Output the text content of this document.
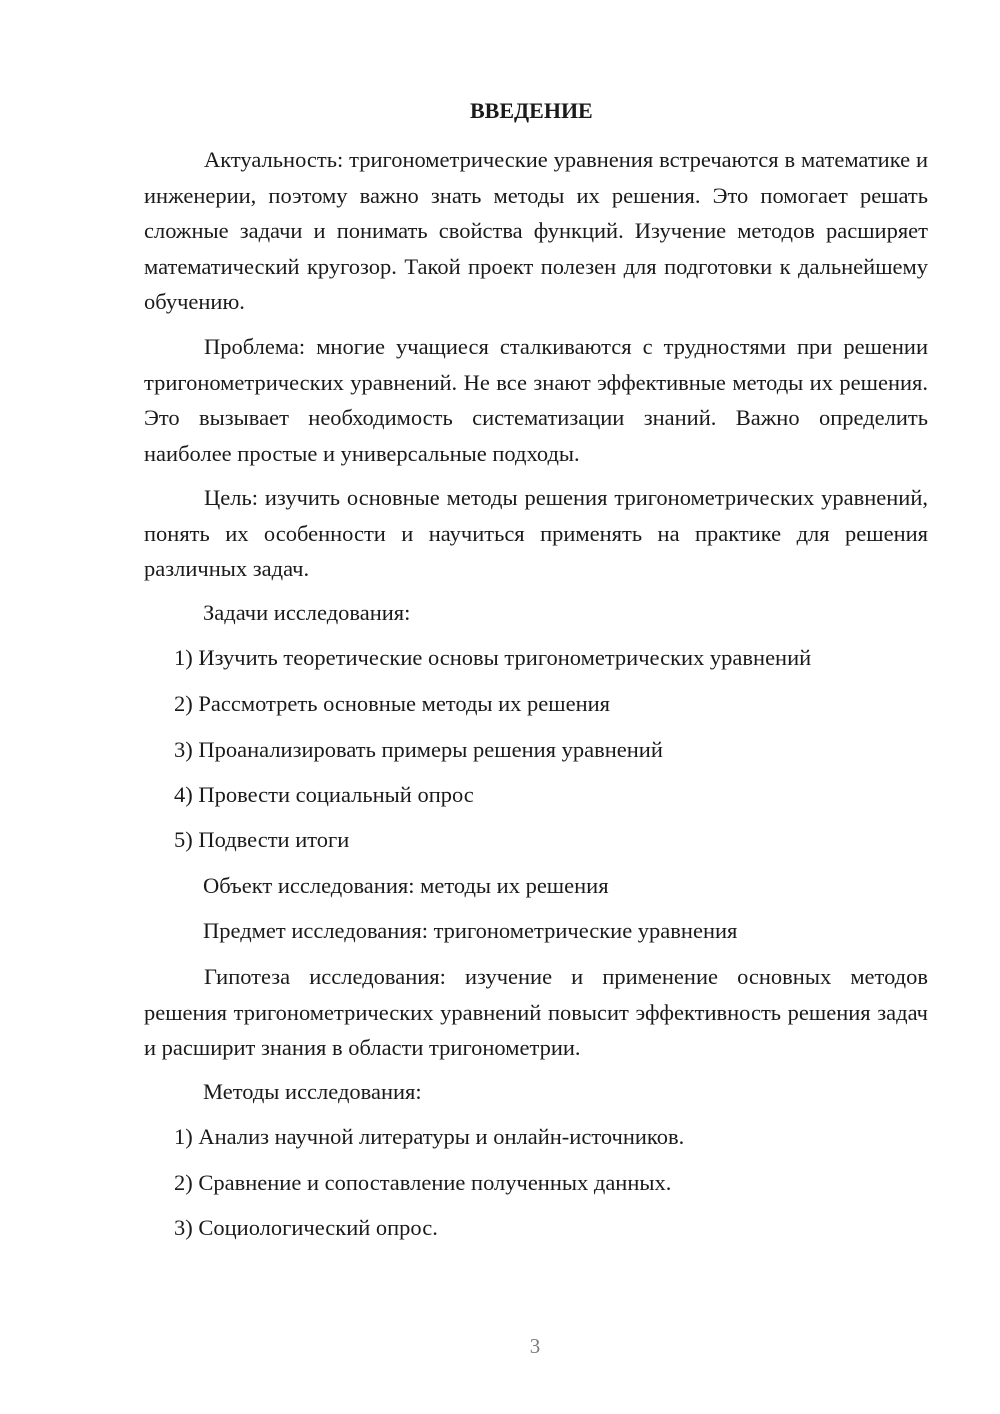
ВВЕДЕНИЕ

Актуальность: тригонометрические уравнения встречаются в математике и инженерии, поэтому важно знать методы их решения. Это помогает решать сложные задачи и понимать свойства функций. Изучение методов расширяет математический кругозор. Такой проект полезен для подготовки к дальнейшему обучению.

Проблема: многие учащиеся сталкиваются с трудностями при решении тригонометрических уравнений. Не все знают эффективные методы их решения. Это вызывает необходимость систематизации знаний. Важно определить наиболее простые и универсальные подходы.

Цель: изучить основные методы решения тригонометрических уравнений, понять их особенности и научиться применять на практике для решения различных задач.

Задачи исследования:

1) Изучить теоретические основы тригонометрических уравнений

2) Рассмотреть основные методы их решения

3) Проанализировать примеры решения уравнений

4) Провести социальный опрос

5) Подвести итоги

Объект исследования: методы их решения

Предмет исследования: тригонометрические уравнения

Гипотеза исследования: изучение и применение основных методов решения тригонометрических уравнений повысит эффективность решения задач и расширит знания в области тригонометрии.

Методы исследования:

1) Анализ научной литературы и онлайн-источников.

2) Сравнение и сопоставление полученных данных.

3) Социологический опрос.

3
